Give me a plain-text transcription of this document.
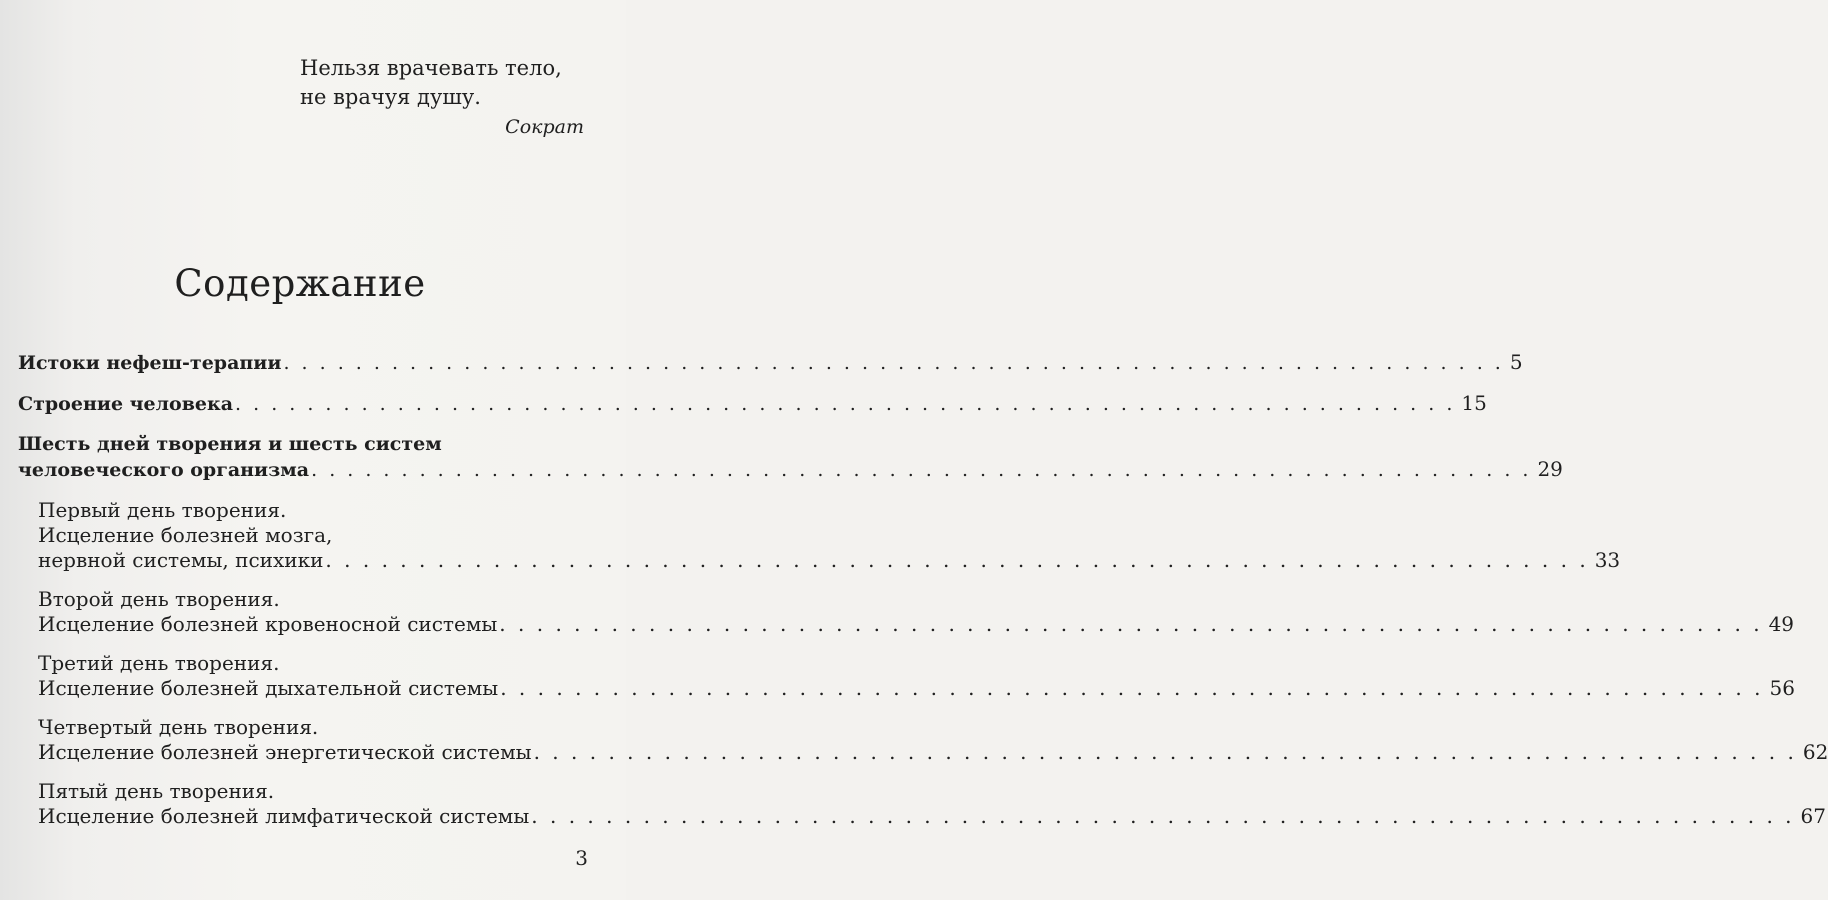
Нельзя врачевать тело,
не врачуя душу.
Сократ
Содержание
Истоки нефеш-терапии . . . . . . . . . . . . . . . . . . . . . . . . . . . . . . . . . . . . . . . . . . . . . . . . . . . . . . . . . . . . . . . . . . . . 5
Строение человека . . . . . . . . . . . . . . . . . . . . . . . . . . . . . . . . . . . . . . . . . . . . . . . . . . . . . . . . . . . . . . . . . . . . 15
Шесть дней творения и шесть систем
человеческого организма . . . . . . . . . . . . . . . . . . . . . . . . . . . . . . . . . . . . . . . . . . . . . . . . . . . . . . . . . . . . . . . . . . . . 29
Первый день творения.
Исцеление болезней мозга,
нервной системы, психики . . . . . . . . . . . . . . . . . . . . . . . . . . . . . . . . . . . . . . . . . . . . . . . . . . . . . . . . . . . . . . . . . . . . 33
Второй день творения.
Исцеление болезней кровеносной системы . . . . . . . . . . . . . . . . . . . . . . . . . . . . . . . . . . . . . . . . . . . . . . . . . . . . . . . . . . . . . . . . . . . . 49
Третий день творения.
Исцеление болезней дыхательной системы . . . . . . . . . . . . . . . . . . . . . . . . . . . . . . . . . . . . . . . . . . . . . . . . . . . . . . . . . . . . . . . . . . . . 56
Четвертый день творения.
Исцеление болезней энергетической системы . . . . . . . . . . . . . . . . . . . . . . . . . . . . . . . . . . . . . . . . . . . . . . . . . . . . . . . . . . . . . . . . . . . . 62
Пятый день творения.
Исцеление болезней лимфатической системы . . . . . . . . . . . . . . . . . . . . . . . . . . . . . . . . . . . . . . . . . . . . . . . . . . . . . . . . . . . . . . . . . . . . 67
3
